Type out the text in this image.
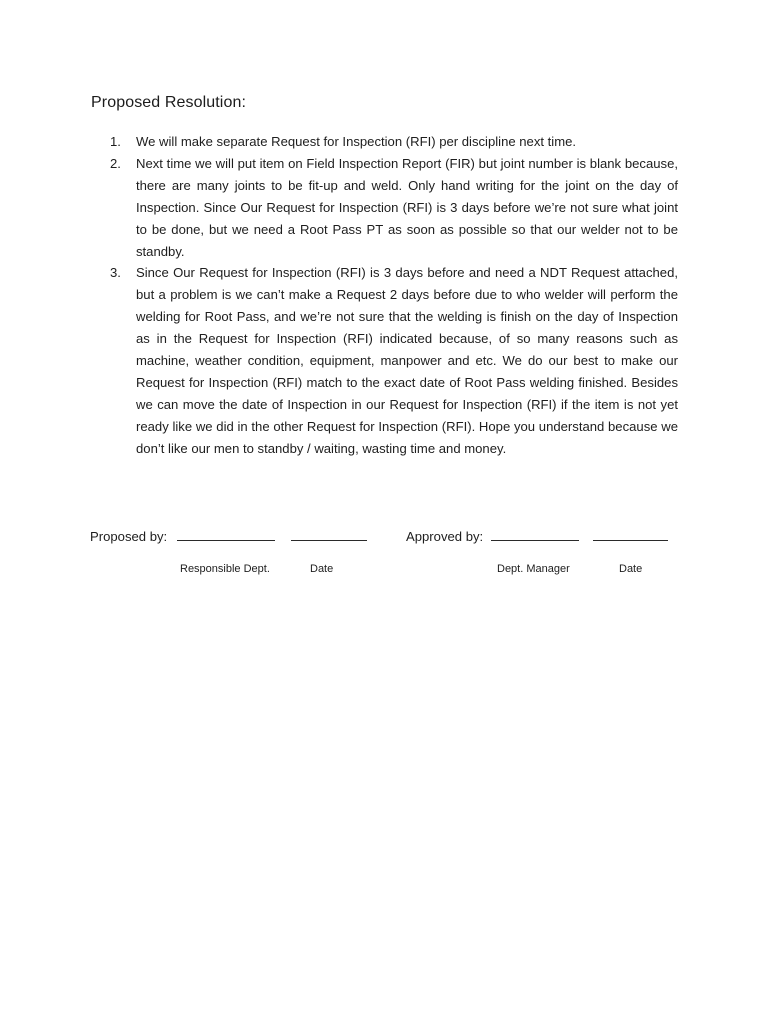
Proposed Resolution:
1. We will make separate Request for Inspection (RFI) per discipline next time.
2. Next time we will put item on Field Inspection Report (FIR) but joint number is blank because, there are many joints to be fit-up and weld. Only hand writing for the joint on the day of Inspection. Since Our Request for Inspection (RFI) is 3 days before we’re not sure what joint to be done, but we need a Root Pass PT as soon as possible so that our welder not to be standby.
3. Since Our Request for Inspection (RFI) is 3 days before and need a NDT Request attached, but a problem is we can’t make a Request 2 days before due to who welder will perform the welding for Root Pass, and we’re not sure that the welding is finish on the day of Inspection as in the Request for Inspection (RFI) indicated because, of so many reasons such as machine, weather condition, equipment, manpower and etc. We do our best to make our Request for Inspection (RFI) match to the exact date of Root Pass welding finished. Besides we can move the date of Inspection in our Request for Inspection (RFI) if the item is not yet ready like we did in the other Request for Inspection (RFI). Hope you understand because we don’t like our men to standby / waiting, wasting time and money.
Proposed by:	Approved by:
Responsible Dept.	Date	Dept. Manager	Date
